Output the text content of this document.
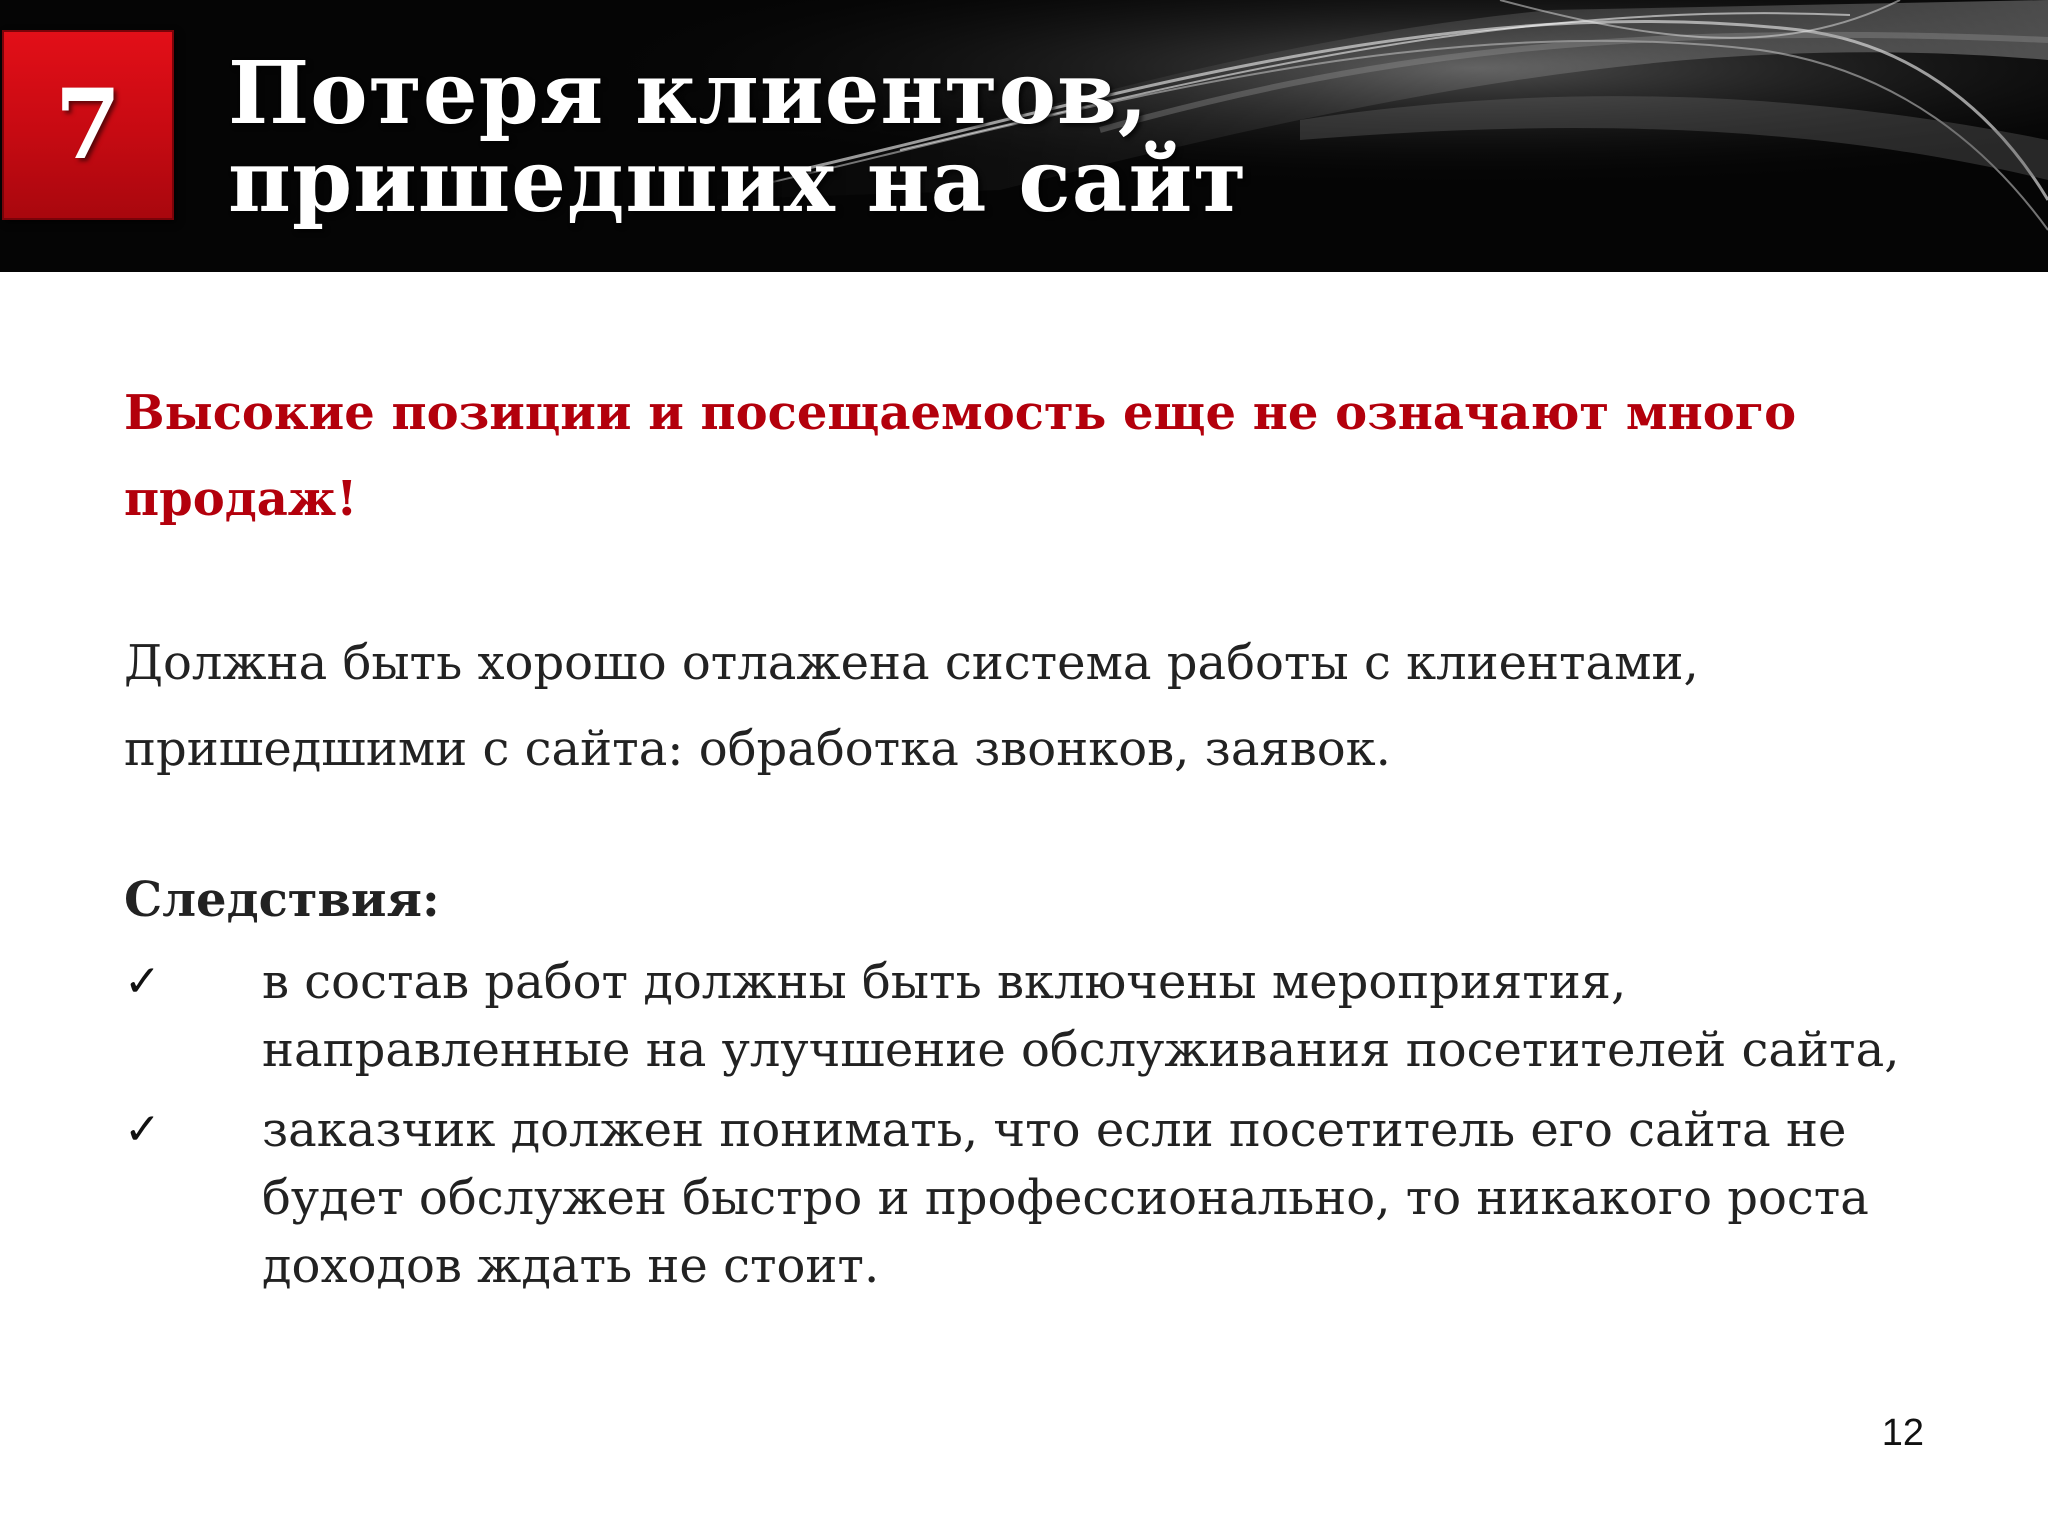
7 Потеря клиентов,
пришедших на сайт

Высокие позиции и посещаемость еще не означают много продаж!

Должна быть хорошо отлажена система работы с клиентами, пришедшими с сайта: обработка звонков, заявок.

Следствия:

✓ в состав работ должны быть включены мероприятия, направленные на улучшение обслуживания посетителей сайта,
✓ заказчик должен понимать, что если посетитель его сайта не будет обслужен быстро и профессионально, то никакого роста доходов ждать не стоит.
12
